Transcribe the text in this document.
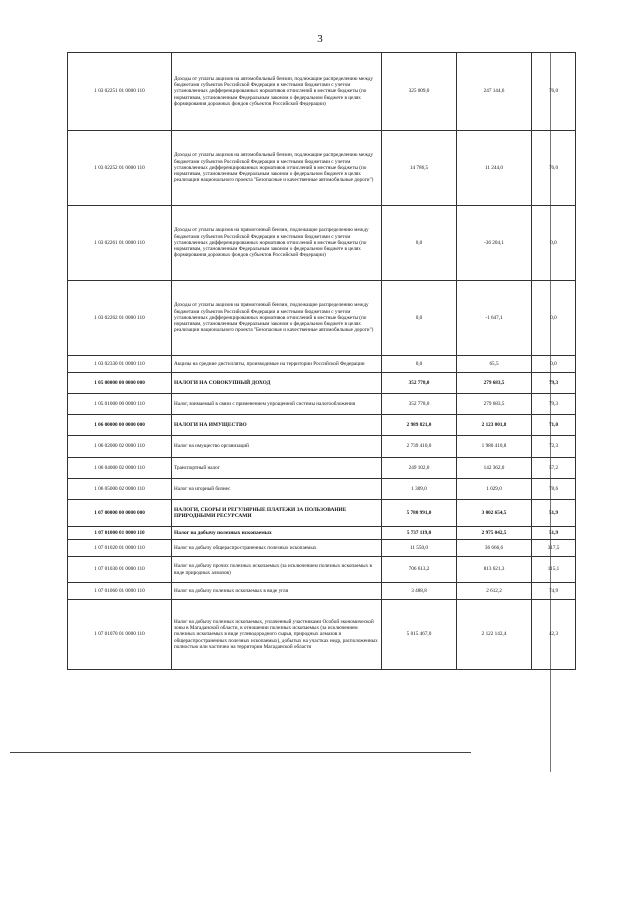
3
1 03 02251 01 0000 110	Доходы от уплаты акцизов на автомобильный бензин, подлежащие распределению между бюджетами субъектов Российской Федерации и местными бюджетами с учетом установленных дифференцированных нормативов отчислений в местные бюджеты (по нормативам, установленным Федеральным законом о федеральном бюджете в целях формирования дорожных фондов субъектов Российской Федерации)	325 009,0	247 144,6	76,0
1 03 02252 01 0000 110	Доходы от уплаты акцизов на автомобильный бензин, подлежащие распределению между бюджетами субъектов Российской Федерации и местными бюджетами с учетом установленных дифференцированных нормативов отчислений в местные бюджеты (по нормативам, установленным Федеральным законом о федеральном бюджете в целях реализации национального проекта "Безопасные и качественные автомобильные дороги")	14 786,5	11 244,0	76,0
1 03 02261 01 0000 110	Доходы от уплаты акцизов на прямогонный бензин, подлежащие распределению между бюджетами субъектов Российской Федерации и местными бюджетами с учетом установленных дифференцированных нормативов отчислений в местные бюджеты (по нормативам, установленным Федеральным законом о федеральном бюджете в целях формирования дорожных фондов субъектов Российской Федерации)	0,0	-36 204,1	0,0
1 03 02262 01 0000 110	Доходы от уплаты акцизов на прямогонный бензин, подлежащие распределению между бюджетами субъектов Российской Федерации и местными бюджетами с учетом установленных дифференцированных нормативов отчислений в местные бюджеты (по нормативам, установленным Федеральным законом о федеральном бюджете в целях реализации национального проекта "Безопасные и качественные автомобильные дороги")	0,0	-1 647,1	0,0
1 03 02330 01 0000 110	Акцизы на средние дистилляты, производимые на территории Российской Федерации	0,0	65,5	0,0
1 05 00000 00 0000 000	НАЛОГИ НА СОВОКУПНЫЙ ДОХОД	352 778,0	279 683,5	79,3
1 05 01000 00 0000 110	Налог, взимаемый в связи с применением упрощенной системы налогообложения	352 778,0	279 683,5	79,3
1 06 00000 00 0000 000	НАЛОГИ НА ИМУЩЕСТВО	2 989 821,0	2 123 801,8	71,0
1 06 02000 02 0000 110	Налог на имущество организаций	2 739 410,0	1 980 410,8	72,3
1 06 04000 02 0000 110	Транспортный налог	249 102,0	142 362,0	57,2
1 06 05000 02 0000 110	Налог на игорный бизнес	1 309,0	1 029,0	78,6
1 07 00000 00 0000 000	НАЛОГИ, СБОРЫ И РЕГУЛЯРНЫЕ ПЛАТЕЖИ ЗА ПОЛЬЗОВАНИЕ ПРИРОДНЫМИ РЕСУРСАМИ	5 780 991,0	3 002 654,5	51,9
1 07 01000 01 0000 110	Налог на добычу полезных ископаемых	5 737 119,0	2 975 042,5	51,9
1 07 01020 01 0000 110	Налог на добычу общераспространенных полезных ископаемых	11 550,0	36 666,6	317,5
1 07 01030 01 0000 110	Налог на добычу прочих полезных ископаемых (за исключением полезных ископаемых в виде природных алмазов)	706 613,2	813 621,3	115,1
1 07 01060 01 0000 110	Налог на добычу полезных ископаемых в виде угля	3 488,8	2 612,2	74,9
1 07 01070 01 0000 110	Налог на добычу полезных ископаемых, уплаченный участниками Особой экономической зоны в Магаданской области, в отношении полезных ископаемых (за исключением полезных ископаемых в виде углеводородного сырья, природных алмазов и общераспространенных полезных ископаемых), добытых на участках недр, расположенных полностью или частично на территории Магаданской области	5 015 467,0	2 122 142,4	42,3
